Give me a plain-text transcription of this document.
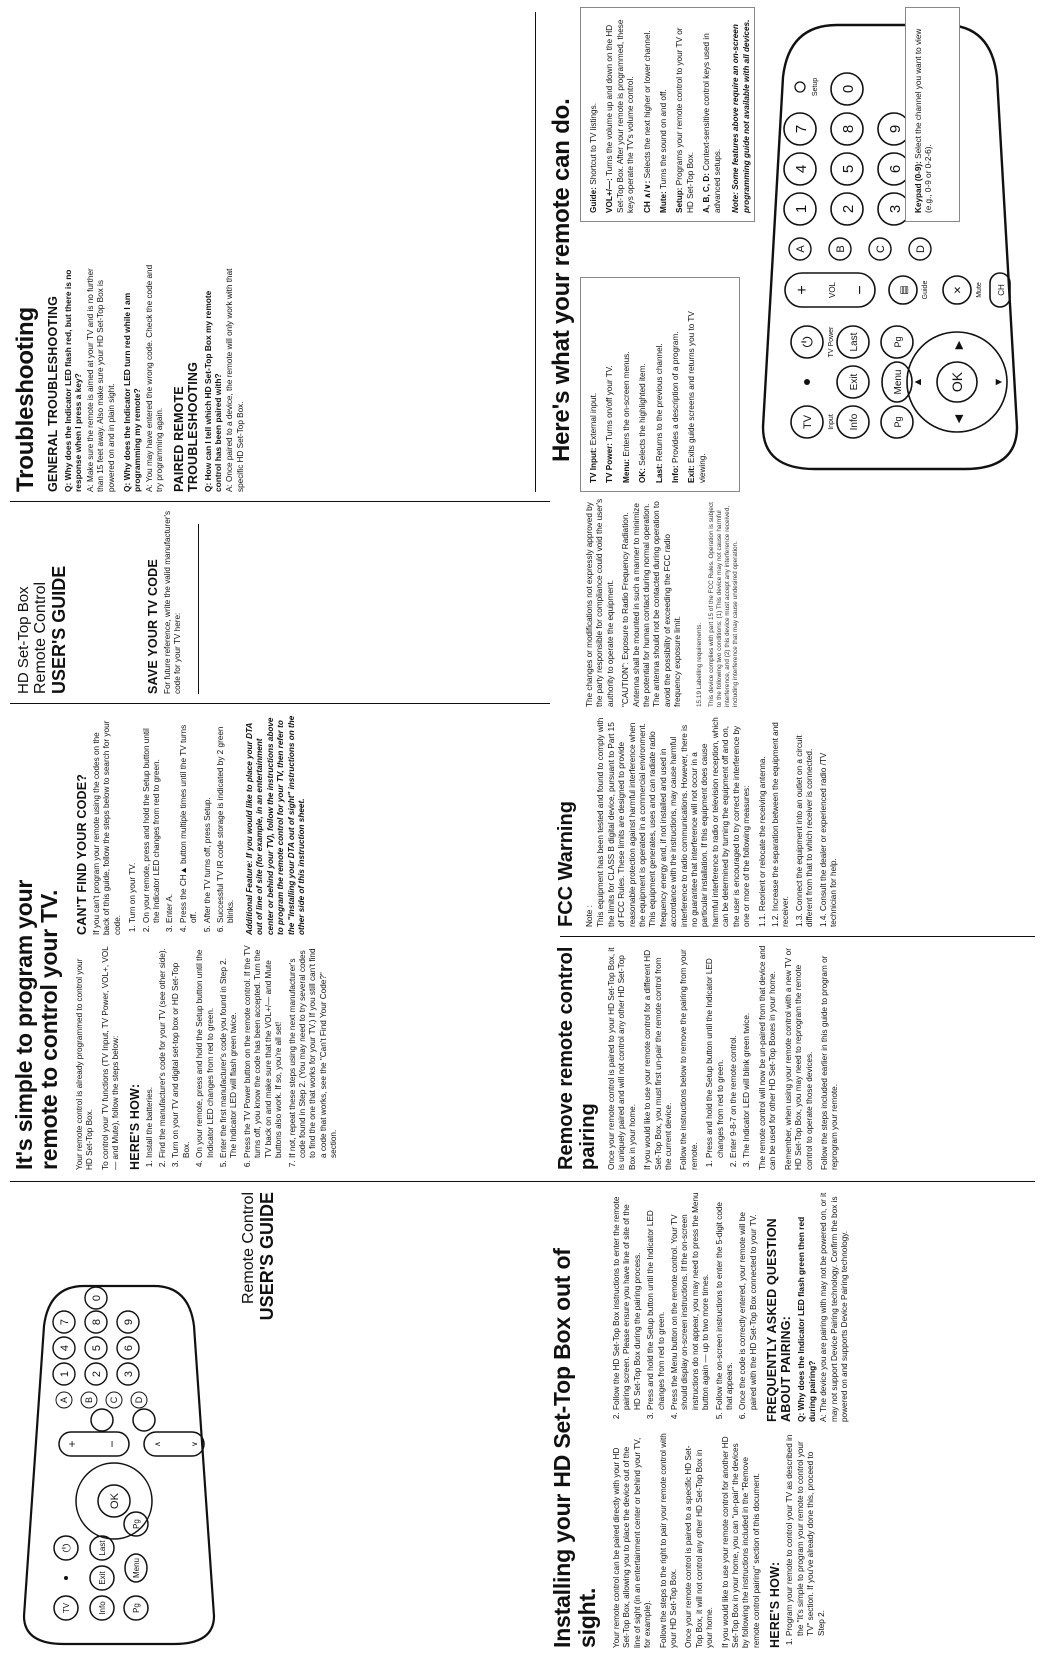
TV	Info	Pg
Exit	Menu
⏻	Last
Pg
OK
+ −	∧	∨
A B C D
1 2 3
4 5 6
7 8 9
0	Remote Control USER'S GUIDE	Installing your HD Set-Top Box out of sight. Your remote control can be paired directly with your HD Set-Top Box, allowing you to place the device out of the line of sight (in an entertainment center or behind your TV, for example). Follow the steps to the right to pair your remote control with your HD Set-Top Box. Once your remote control is paired to a specific HD Set-Top Box, it will not control any other HD Set-Top Box in your home. If you would like to use your remote control for another HD Set-Top Box in your home, you can "un-pair" the devices by following the instructions included in the "Remove remote control pairing" section of this document. HERE'S HOW: 1. Program your remote to control your TV as described in the "It's simple to program your remote to control your TV" section. If you've already done this, proceed to Step 2.
2. Follow the HD Set-Top Box instructions to enter the remote pairing screen. Please ensure you have line of site of the HD Set-Top Box during the pairing process. 3. Press and hold the Setup button until the Indicator LED changes from red to green. 4. Press the Menu button on the remote control. Your TV should display on-screen instructions. If the on-screen instructions do not appear, you may need to press the Menu button again — up to two more times. 5. Follow the on-screen instructions to enter the 5-digit code that appears. 6. Once the code is correctly entered, your remote will be paired with the HD Set-Top Box connected to your TV. FREQUENTLY ASKED QUESTION ABOUT PAIRING: Q: Why does the Indicator LED flash green then red during pairing? A: The device you are pairing with may not be powered on, or it may not support Device Pairing technology. Confirm the box is powered on and supports Device Pairing technology.

It's simple to program your remote to control your TV. Your remote control is already programmed to control your HD Set-Top Box. To control your TV functions (TV Input, TV Power, VOL+, VOL— and Mute), follow the steps below: HERE'S HOW: 1. Install the batteries. 2. Find the manufacturer's code for your TV (see other side). 3. Turn on your TV and digital set-top box or HD Set-Top Box. 4. On your remote, press and hold the Setup button until the Indicator LED changes from red to green. 5. Enter the first manufacturer's code you found in Step 2. The Indicator LED will flash green twice. 6. Press the TV Power button on the remote control. If the TV turns off, you know the code has been accepted. Turn the TV back on and make sure that the VOL+/— and Mute buttons also work. If so, you're all set! 7. If not, repeat these steps using the next manufacturer's code found in Step 2. (You may need to try several codes to find the one that works for your TV.) If you still can't find a code that works, see the "Can't Find Your Code?" section.
CAN'T FIND YOUR CODE? If you can't program your remote using the codes on the back of this guide, follow the steps below to search for your code.

1. Turn on your TV. 2. On your remote, press and hold the Setup button until the Indicator LED changes from red to green. 3. Enter A. 4. Press the CH▲ button multiple times until the TV turns off. 5. After the TV turns off, press Setup. 6. Successful TV IR code storage is indicated by 2 green blinks. Additional Feature: If you would like to place your DTA out of line of site (for example, in an entertainment center or behind your TV), follow the instructions above to program the remote control for your TV, then refer to the "Installing your DTA out of sight" instructions on the other side of this instruction sheet.

HD Set-Top Box Remote Control USER'S GUIDE	SAVE YOUR TV CODE For future reference, write the valid manufacturer's code for your TV here:

Troubleshooting GENERAL TROUBLESHOOTING Q: Why does the Indicator LED flash red, but there is no response when I press a key? A: Make sure the remote is aimed at your TV and is no further than 15 feet away. Also make sure your HD Set-Top Box is powered on and in plain sight. Q: Why does the Indicator LED turn red while I am programming my remote? A: You may have entered the wrong code. Check the code and try programming again. PAIRED REMOTE TROUBLESHOOTING Q: How can I tell which HD Set-Top Box my remote control has been paired with? A: Once paired to a device, the remote will only work with that specific HD Set-Top Box.

Remove remote control pairing Once your remote control is paired to your HD Set-Top Box, it is uniquely paired and will not control any other HD Set-Top Box in your home. If you would like to use your remote control for a different HD Set-Top Box, you must first un-pair the remote control from the current device. Follow the instructions below to remove the pairing from your remote. 1. Press and hold the Setup button until the Indicator LED changes from red to green. 2. Enter 9-8-7 on the remote control. 3. The Indicator LED will blink green twice. The remote control will now be un-paired from that device and can be used for other HD Set-Top Boxes in your home. Remember, when using your remote control with a new TV or HD Set-Top Box, you may need to reprogram the remote control to operate those devices. Follow the steps included earlier in this guide to program or reprogram your remote.

FCC Warning Note : This equipment has been tested and found to comply with the limits for CLASS B digital device, pursuant to Part 15 of FCC Rules. These limits are designed to provide reasonable protection against harmful interference when the equipment is operated in a commercial environment. This equipment generates, uses and can radiate radio frequency energy and, if not installed and used in accordance with the instructions, may cause harmful interference to radio communications. However, there is no guarantee that interference will not occur in a particular installation. If this equipment does cause harmful interference to radio or television reception, which can be determined by turning the equipment off and on, the user is encouraged to try correct the interference by one or more of the following measures: 1.1. Reorient or relocate the receiving antenna. 1.2. Increase the separation between the equipment and receiver. 1.3. Connect the equipment into an outlet on a circuit different from that to which receiver is connected. 1.4. Consult the dealer or experienced radio /TV technician for help.

The changes or modifications not expressly approved by the party responsible for compliance could void the user's authority to operate the equipment. "CAUTION": Exposure to Radio Frequency Radiation. Antenna shall be mounted in such a manner to minimize the potential for human contact during normal operation. The antenna should not be contacted during operation to avoid the possibility of exceeding the FCC radio frequency exposure limit. 15.19 Labelling requirements. This device complies with part 15 of the FCC Rules. Operation is subject to the following two conditions: (1) This device may not cause harmful interference, and (2) this device must accept any interference received, including interference that may cause undesired operation.

Here's what your remote can do.

TV Input: External input.

TV Power: Turns on/off your TV.

Menu: Enters the on-screen menus.

OK: Selects the highlighted item.

Last: Returns to the previous channel.

Info: Provides a description of a program.

Exit: Exits guide screens and returns you to TV viewing.

TV Input
⏻ TV Power
Info
Exit
Last
Pg
Menu
Pg
OK
▲	▼
◀
▶
+ VOL −	▤ Guide ✕ Mute CH
A	B	C	D
1 2 3
4 5 6
7 8 9
0
Setup

Guide: Shortcut to TV listings.

VOL+/—: Turns the volume up and down on the HD Set-Top Box. After your remote is programmed, these keys operate the TV's volume control. CH ∧/∨: Selects the next higher or lower channel.

Mute: Turns the sound on and off.

Setup: Programs your remote control to your TV or HD Set-Top Box. A, B, C, D: Context-sensitive control keys used in advanced setups. Note: Some features above require an on-screen programming guide not available with all devices.	Keypad (0-9): Select the channel you want to view (e.g., 0-9 or 0-2-6).
